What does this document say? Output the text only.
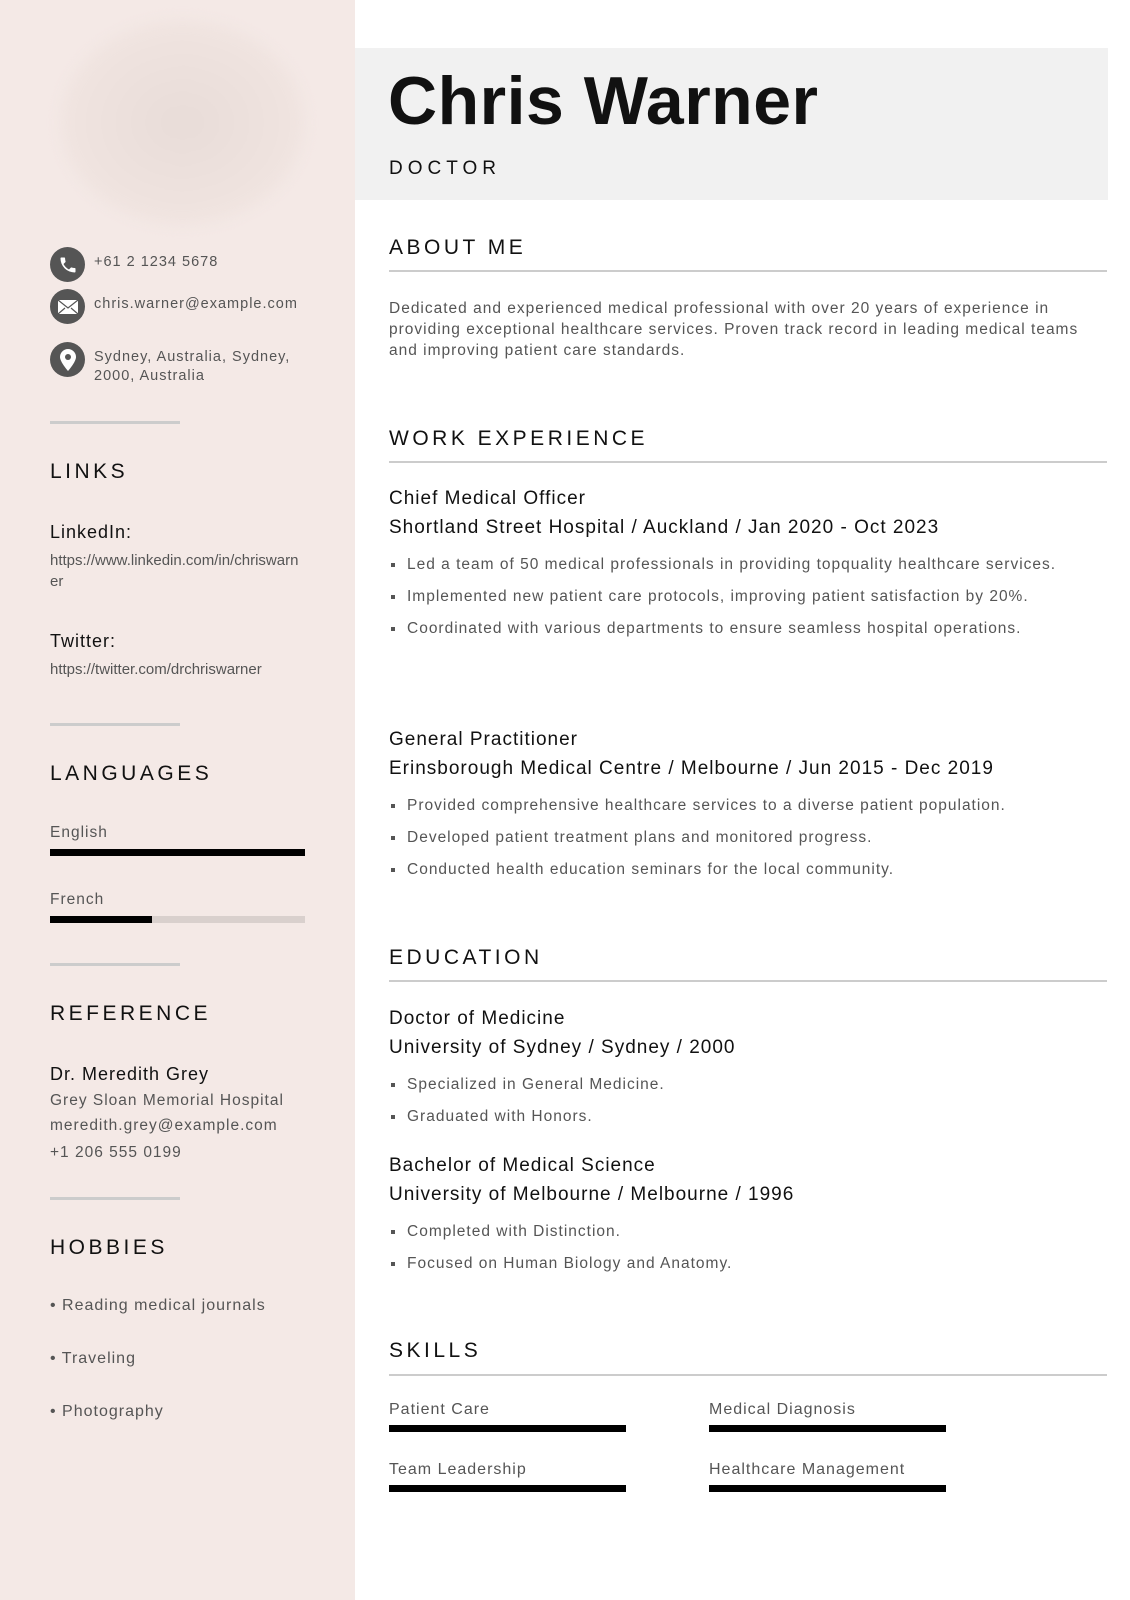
+61 2 1234 5678
chris.warner@example.com
Sydney, Australia, Sydney, 2000, Australia
LINKS
LinkedIn:
https://www.linkedin.com/in/chriswarner
Twitter:
https://twitter.com/drchriswarner
LANGUAGES
English
French
REFERENCE
Dr. Meredith Grey
Grey Sloan Memorial Hospital
meredith.grey@example.com
+1 206 555 0199
HOBBIES
• Reading medical journals
• Traveling
• Photography
Chris Warner
DOCTOR
ABOUT ME
Dedicated and experienced medical professional with over 20 years of experience in providing exceptional healthcare services. Proven track record in leading medical teams and improving patient care standards.
WORK EXPERIENCE
Chief Medical Officer
Shortland Street Hospital / Auckland / Jan 2020 - Oct 2023
Led a team of 50 medical professionals in providing topquality healthcare services.
Implemented new patient care protocols, improving patient satisfaction by 20%.
Coordinated with various departments to ensure seamless hospital operations.
General Practitioner
Erinsborough Medical Centre / Melbourne / Jun 2015 - Dec 2019
Provided comprehensive healthcare services to a diverse patient population.
Developed patient treatment plans and monitored progress.
Conducted health education seminars for the local community.
EDUCATION
Doctor of Medicine
University of Sydney / Sydney / 2000
Specialized in General Medicine.
Graduated with Honors.
Bachelor of Medical Science
University of Melbourne / Melbourne / 1996
Completed with Distinction.
Focused on Human Biology and Anatomy.
SKILLS
Patient Care	Medical Diagnosis
Team Leadership	Healthcare Management
